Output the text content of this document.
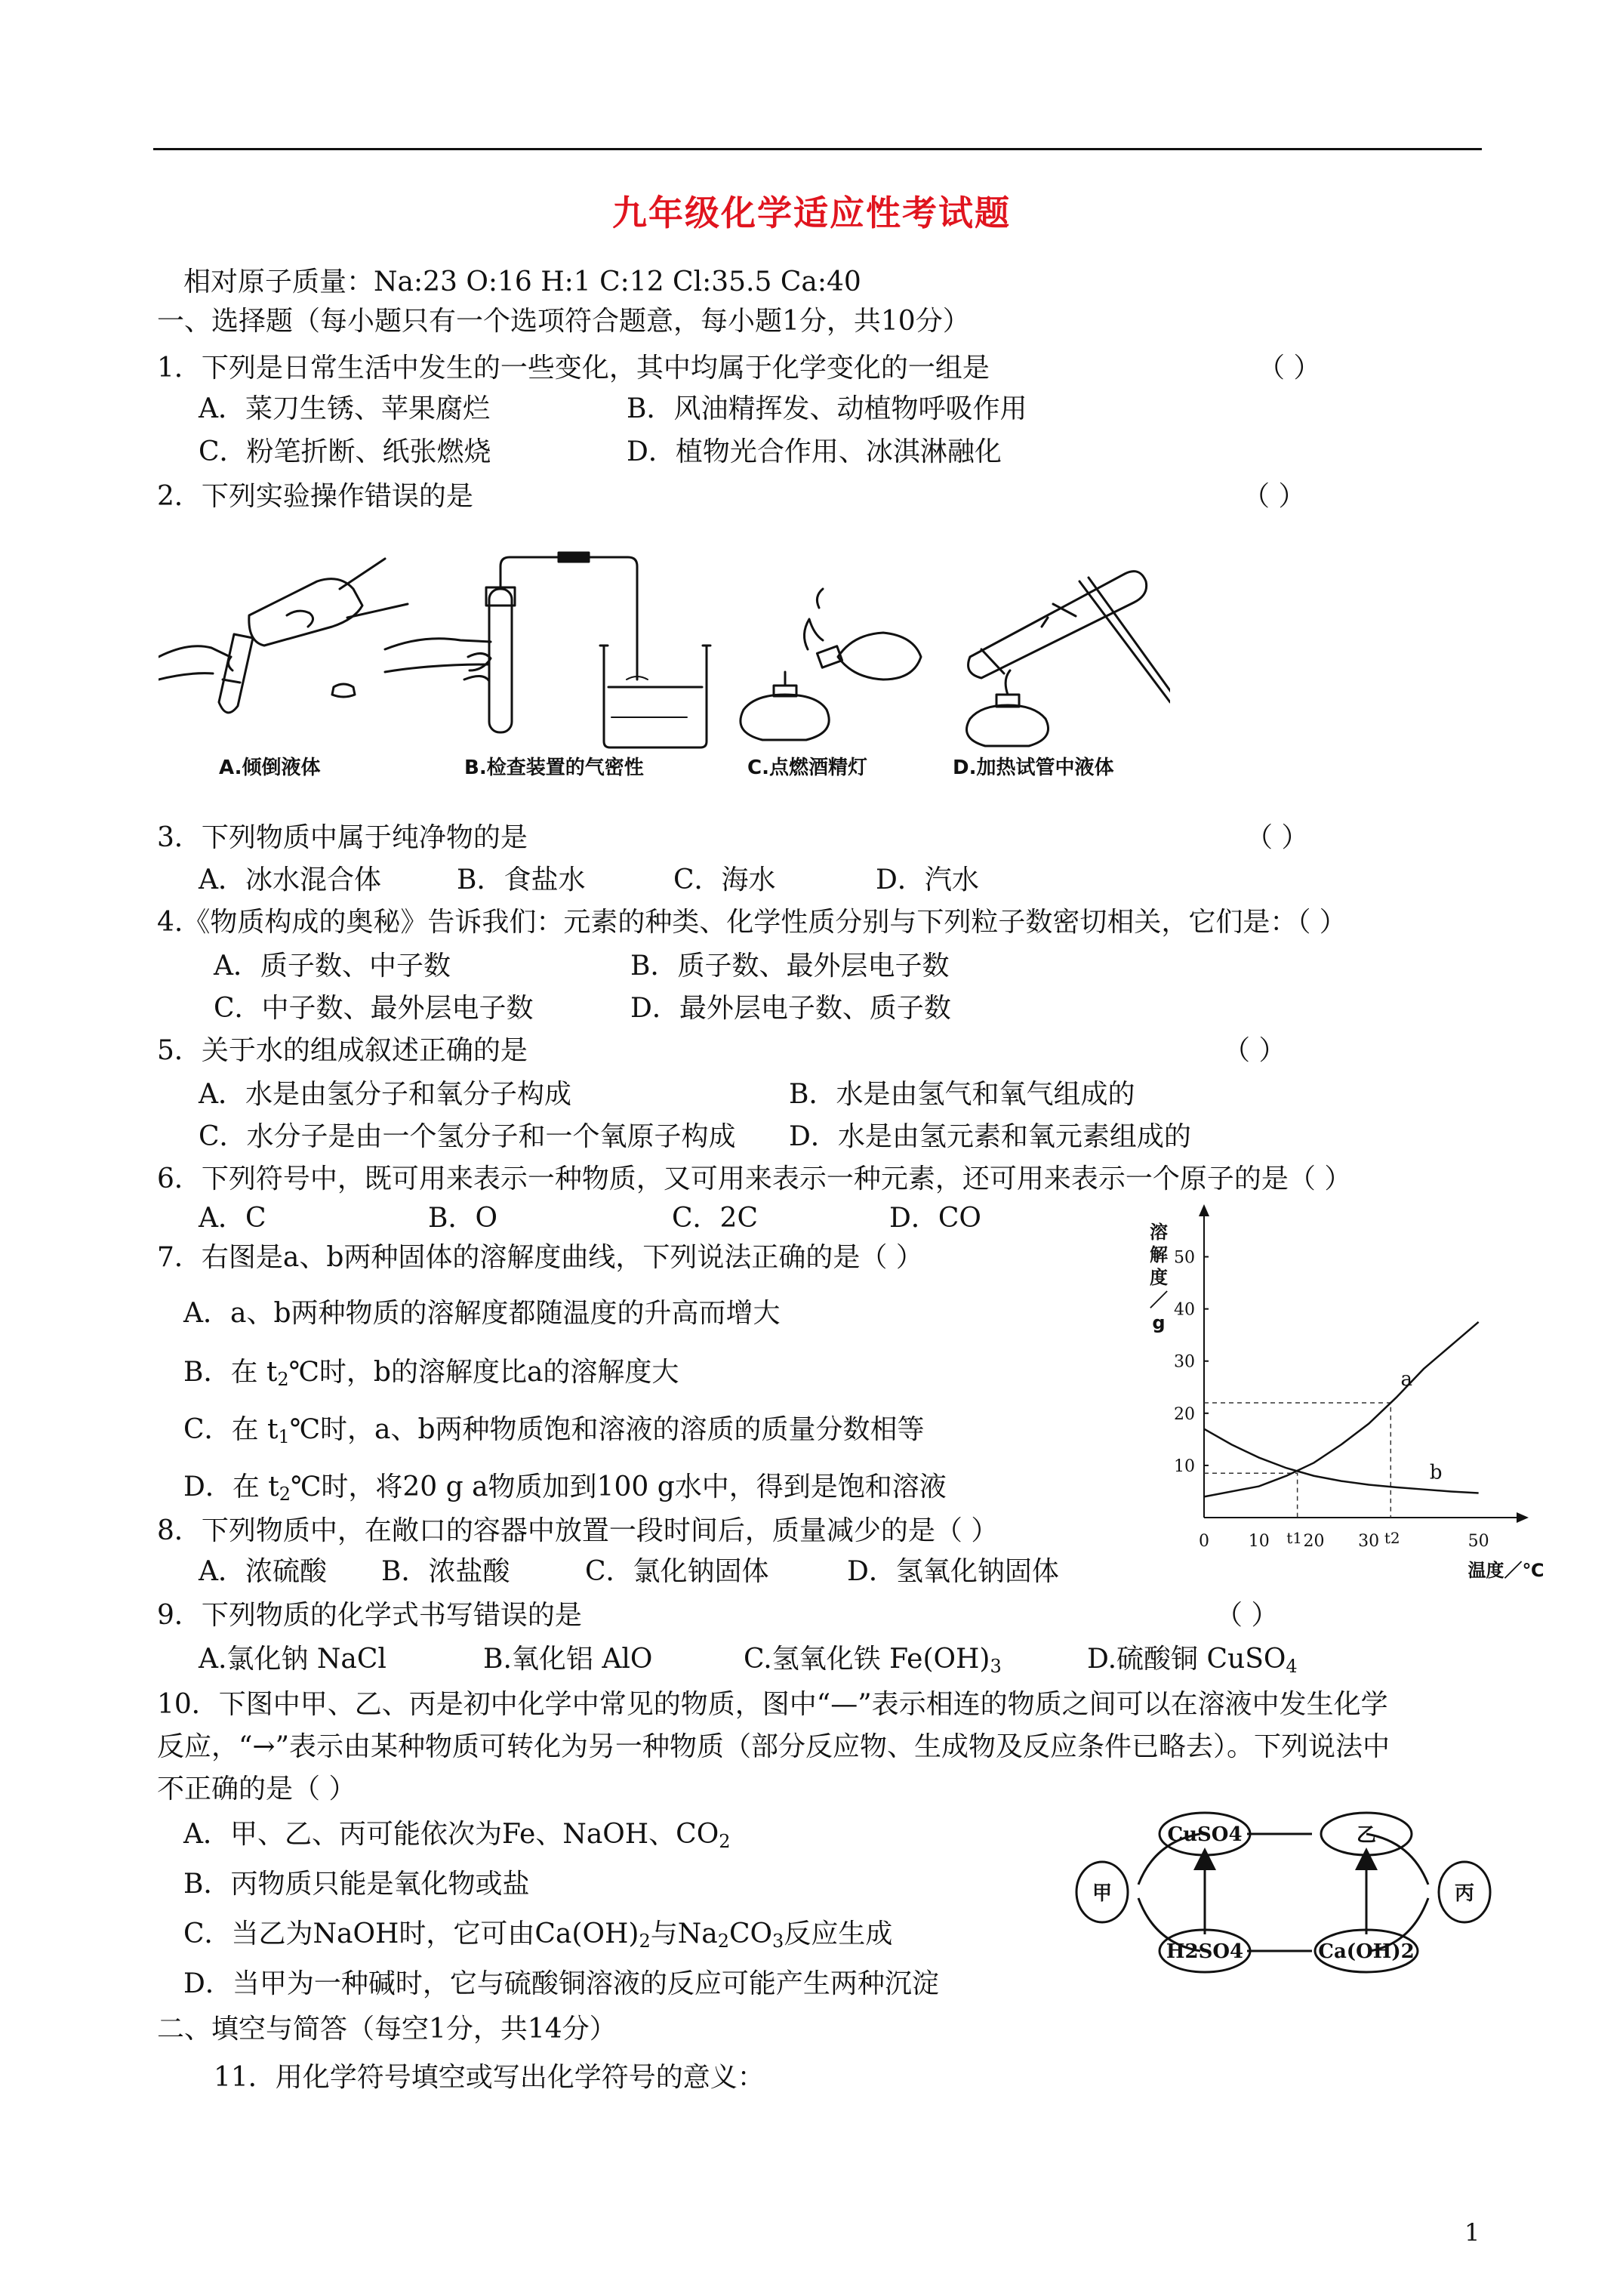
九年级化学适应性考试题
相对原子质量：Na:23 O:16 H:1 C:12 Cl:35.5 Ca:40
一、选择题（每小题只有一个选项符合题意，每小题1分，共10分）
1．下列是日常生活中发生的一些变化，其中均属于化学变化的一组是	（ ）
A．菜刀生锈、苹果腐烂	B．风油精挥发、动植物呼吸作用
C．粉笔折断、纸张燃烧	D．植物光合作用、冰淇淋融化
2．下列实验操作错误的是	（ ）
A.倾倒液体	B.检查装置的气密性	C.点燃酒精灯	D.加热试管中液体
3．下列物质中属于纯净物的是	（ ）
A．冰水混合体	B．食盐水	C．海水	D．汽水
4.《物质构成的奥秘》告诉我们：元素的种类、化学性质分别与下列粒子数密切相关，它们是：（ ）
A．质子数、中子数	B．质子数、最外层电子数
C．中子数、最外层电子数	D．最外层电子数、质子数
5．关于水的组成叙述正确的是	（ ）
A．水是由氢分子和氧分子构成	B．水是由氢气和氧气组成的
C．水分子是由一个氢分子和一个氧原子构成 D．水是由氢元素和氧元素组成的
6．下列符号中，既可用来表示一种物质，又可用来表示一种元素，还可用来表示一个原子的是（ ）
A．C	B．O	C．2C	D．CO
7．右图是a、b两种固体的溶解度曲线，下列说法正确的是（ ）
A．a、b两种物质的溶解度都随温度的升高而增大
B．在 $t_2℃$时，b的溶解度比a的溶解度大
C．在 $t_1℃$时，a、b两种物质饱和溶液的溶质的质量分数相等
D．在 $t_2℃$时，将20 g a物质加到100 g水中，得到是饱和溶液
10
20
30
40
50
0 10 20 30	50
t1	t2
a
b
溶
解
度
／
g
温度／℃
8．下列物质中，在敞口的容器中放置一段时间后，质量减少的是（ ）
A．浓硫酸 B．浓盐酸	C．氯化钠固体	D．氢氧化钠固体
9．下列物质的化学式书写错误的是	（ ）
A.氯化钠 NaCl	B.氧化铝 AlO	C.氢氧化铁 $Fe(OH)_3$	D.硫酸铜 CuSO$_4$
10．下图中甲、乙、丙是初中化学中常见的物质，图中“—”表示相连的物质之间可以在溶液中发生化学
反应，“→”表示由某种物质可转化为另一种物质（部分反应物、生成物及反应条件已略去）。下列说法中
不正确的是（ ）
A．甲、乙、丙可能依次为Fe、NaOH、$CO_2$
B．丙物质只能是氧化物或盐
C．当乙为NaOH时，它可由$Ca(OH)_2$与$Na_2CO_3$反应生成
D．当甲为一种碱时，它与硫酸铜溶液的反应可能产生两种沉淀
CuSO4	乙
甲	丙
H2SO4	Ca(OH)2
二、填空与简答（每空1分，共14分）
11．用化学符号填空或写出化学符号的意义：
1
